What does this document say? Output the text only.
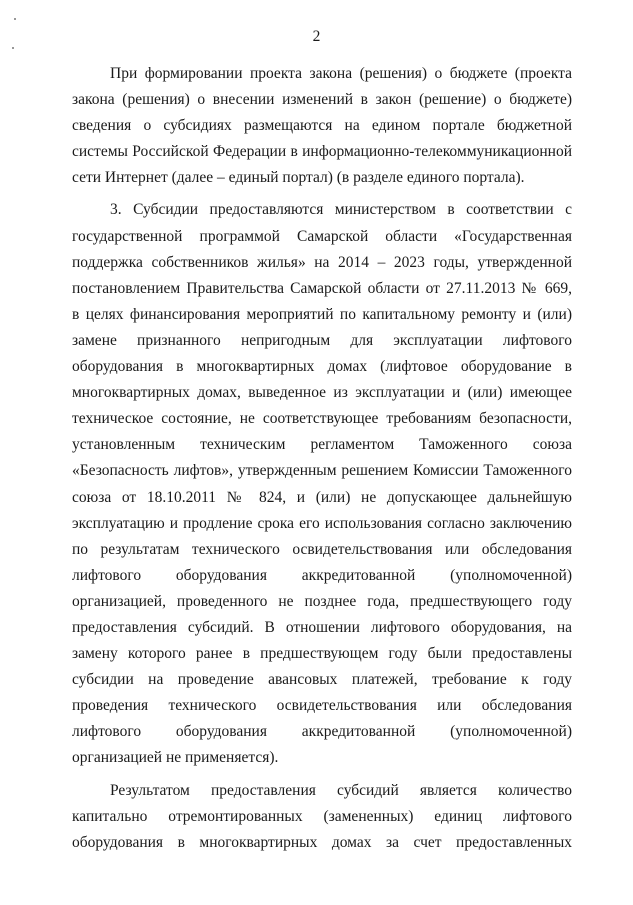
2

При формировании проекта закона (решения) о бюджете (проекта
закона (решения) о внесении изменений в закон (решение) о бюджете)
сведения о субсидиях размещаются на едином портале бюджетной
системы Российской Федерации в информационно-телекоммуникационной
сети Интернет (далее – единый портал) (в разделе единого портала).

3. Субсидии предоставляются министерством в соответствии с
государственной программой Самарской области «Государственная
поддержка собственников жилья» на 2014 – 2023 годы, утвержденной
постановлением Правительства Самарской области от 27.11.2013 № 669,
в целях финансирования мероприятий по капитальному ремонту и (или)
замене признанного непригодным для эксплуатации лифтового
оборудования в многоквартирных домах (лифтовое оборудование в
многоквартирных домах, выведенное из эксплуатации и (или) имеющее
техническое состояние, не соответствующее требованиям безопасности,
установленным техническим регламентом Таможенного союза
«Безопасность лифтов», утвержденным решением Комиссии Таможенного
союза от 18.10.2011 № 824, и (или) не допускающее дальнейшую
эксплуатацию и продление срока его использования согласно заключению
по результатам технического освидетельствования или обследования
лифтового оборудования аккредитованной (уполномоченной)
организацией, проведенного не позднее года, предшествующего году
предоставления субсидий. В отношении лифтового оборудования, на
замену которого ранее в предшествующем году были предоставлены
субсидии на проведение авансовых платежей, требование к году
проведения технического освидетельствования или обследования
лифтового оборудования аккредитованной (уполномоченной)
организацией не применяется).

Результатом предоставления субсидий является количество
капитально отремонтированных (замененных) единиц лифтового
оборудования в многоквартирных домах за счет предоставленных
